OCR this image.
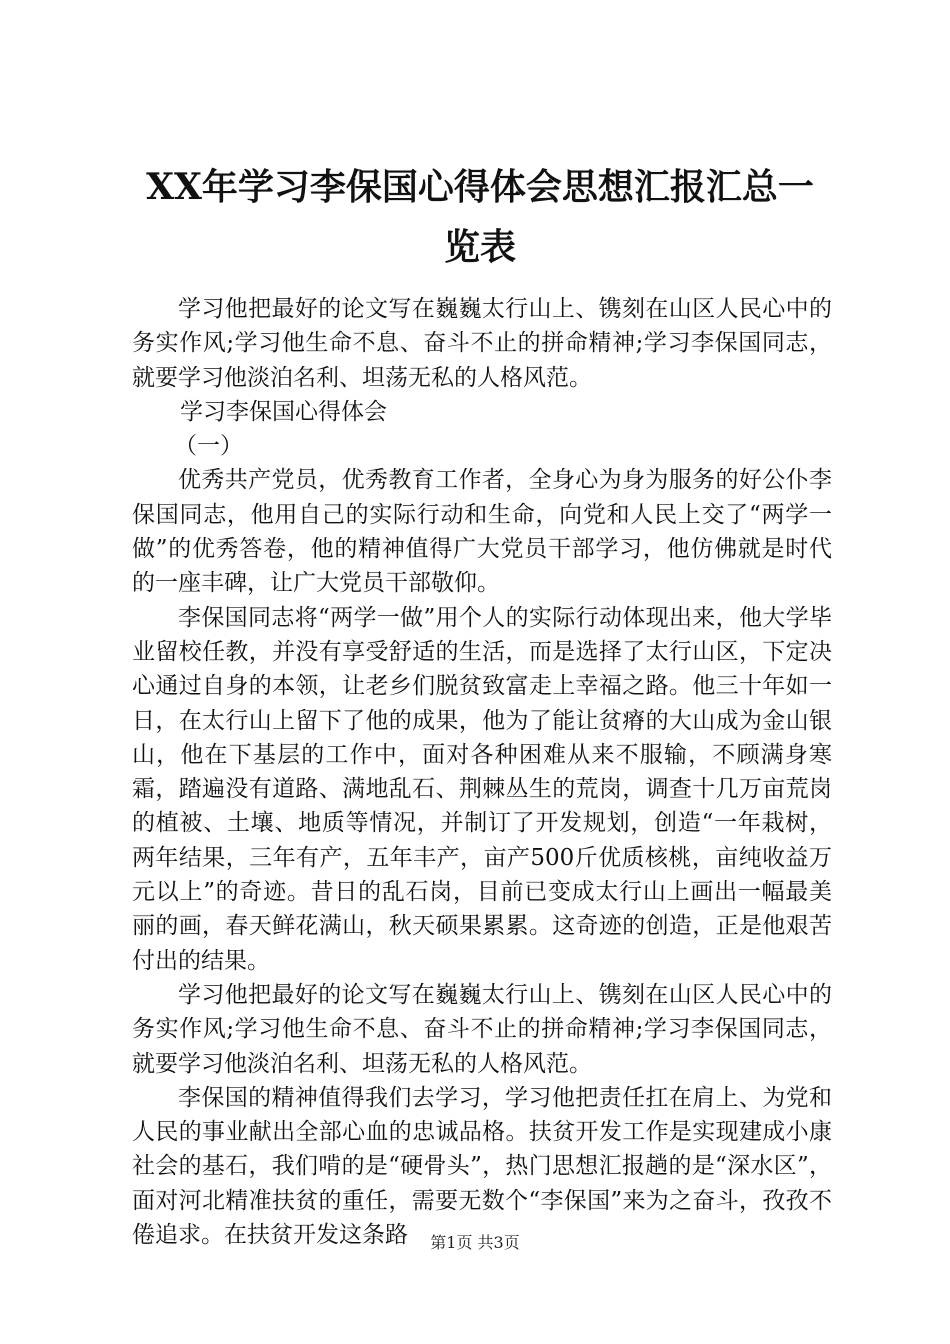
XX年学习李保国心得体会思想汇报汇总一览表

学习他把最好的论文写在巍巍太行山上、镌刻在山区人民心中的务实作风;学习他生命不息、奋斗不止的拼命精神;学习李保国同志，就要学习他淡泊名利、坦荡无私的人格风范。

学习李保国心得体会

（一）

优秀共产党员，优秀教育工作者，全身心为身为服务的好公仆李保国同志，他用自己的实际行动和生命，向党和人民上交了“两学一做”的优秀答卷，他的精神值得广大党员干部学习，他仿佛就是时代的一座丰碑，让广大党员干部敬仰。

李保国同志将“两学一做”用个人的实际行动体现出来，他大学毕业留校任教，并没有享受舒适的生活，而是选择了太行山区，下定决心通过自身的本领，让老乡们脱贫致富走上幸福之路。他三十年如一日，在太行山上留下了他的成果，他为了能让贫瘠的大山成为金山银山，他在下基层的工作中，面对各种困难从来不服输，不顾满身寒霜，踏遍没有道路、满地乱石、荆棘丛生的荒岗，调查十几万亩荒岗的植被、土壤、地质等情况，并制订了开发规划，创造“一年栽树，两年结果，三年有产，五年丰产，亩产500斤优质核桃，亩纯收益万元以上”的奇迹。昔日的乱石岗，目前已变成太行山上画出一幅最美丽的画，春天鲜花满山，秋天硕果累累。这奇迹的创造，正是他艰苦付出的结果。

学习他把最好的论文写在巍巍太行山上、镌刻在山区人民心中的务实作风;学习他生命不息、奋斗不止的拼命精神;学习李保国同志，就要学习他淡泊名利、坦荡无私的人格风范。

李保国的精神值得我们去学习，学习他把责任扛在肩上、为党和人民的事业献出全部心血的忠诚品格。扶贫开发工作是实现建成小康社会的基石，我们啃的是“硬骨头”，热门思想汇报趟的是“深水区”，面对河北精准扶贫的重任，需要无数个“李保国”来为之奋斗，孜孜不倦追求。在扶贫开发这条路	第1页 共3页
